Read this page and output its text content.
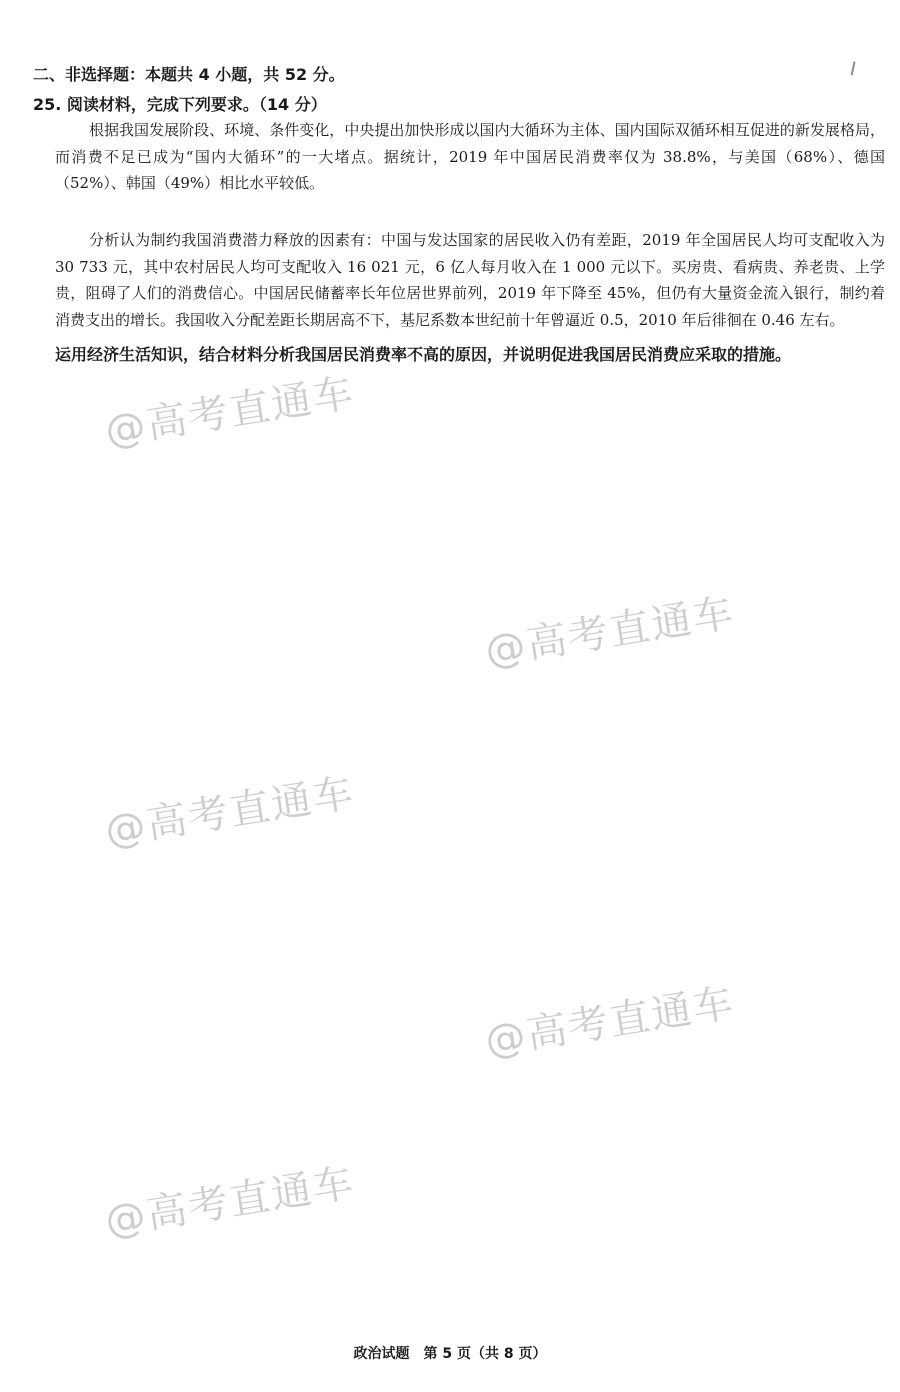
二、非选择题：本题共 4 小题，共 52 分。
25. 阅读材料，完成下列要求。（14 分）
根据我国发展阶段、环境、条件变化，中央提出加快形成以国内大循环为主体、国内国际双循环相互促进的新发展格局，而消费不足已成为“国内大循环”的一大堵点。据统计，2019 年中国居民消费率仅为 38.8%，与美国（68%）、德国（52%）、韩国（49%）相比水平较低。
分析认为制约我国消费潜力释放的因素有：中国与发达国家的居民收入仍有差距，2019 年全国居民人均可支配收入为 30 733 元，其中农村居民人均可支配收入 16 021 元，6 亿人每月收入在 1 000 元以下。买房贵、看病贵、养老贵、上学贵，阻碍了人们的消费信心。中国居民储蓄率长年位居世界前列，2019 年下降至 45%，但仍有大量资金流入银行，制约着消费支出的增长。我国收入分配差距长期居高不下，基尼系数本世纪前十年曾逼近 0.5，2010 年后徘徊在 0.46 左右。
运用经济生活知识，结合材料分析我国居民消费率不高的原因，并说明促进我国居民消费应采取的措施。
@高考直通车
@高考直通车
@高考直通车
@高考直通车
@高考直通车
政治试题　第 5 页（共 8 页）
